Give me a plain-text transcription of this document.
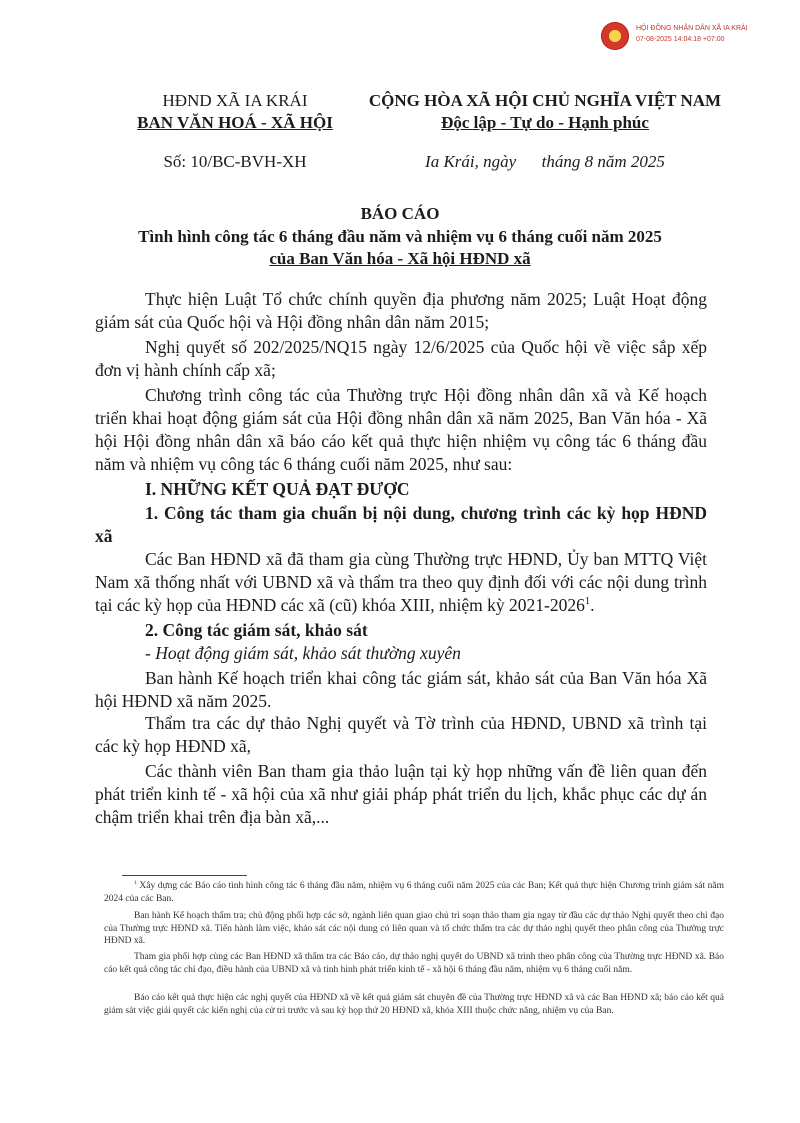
HỘI ĐỒNG NHÂN DÂN XÃ IA KRÁI
07-08-2025 14:04:18 +07:00
HĐND XÃ IA KRÁI
BAN VĂN HOÁ - XÃ HỘI
Số: 10/BC-BVH-XH
CỘNG HÒA XÃ HỘI CHỦ NGHĨA VIỆT NAM
Độc lập - Tự do - Hạnh phúc
Ia Krái, ngày      tháng 8 năm 2025
BÁO CÁO
Tình hình công tác 6 tháng đầu năm và nhiệm vụ 6 tháng cuối năm 2025
của Ban Văn hóa - Xã hội HĐND xã
Thực hiện Luật Tổ chức chính quyền địa phương năm 2025; Luật Hoạt động giám sát của Quốc hội và Hội đồng nhân dân năm 2015;
Nghị quyết số 202/2025/NQ15 ngày 12/6/2025 của Quốc hội về việc sắp xếp đơn vị hành chính cấp xã;
Chương trình công tác của Thường trực Hội đồng nhân dân xã và Kế hoạch triển khai hoạt động giám sát của Hội đồng nhân dân xã năm 2025, Ban Văn hóa - Xã hội Hội đồng nhân dân xã báo cáo kết quả thực hiện nhiệm vụ công tác 6 tháng đầu năm và nhiệm vụ công tác 6 tháng cuối năm 2025, như sau:
I. NHỮNG KẾT QUẢ ĐẠT ĐƯỢC
1. Công tác tham gia chuẩn bị nội dung, chương trình các kỳ họp HĐND xã
Các Ban HĐND xã đã tham gia cùng Thường trực HĐND, Ủy ban MTTQ Việt Nam xã thống nhất với UBND xã và thẩm tra theo quy định đối với các nội dung trình tại các kỳ họp của HĐND các xã (cũ) khóa XIII, nhiệm kỳ 2021-2026$^1$.
2. Công tác giám sát, khảo sát
- Hoạt động giám sát, khảo sát thường xuyên
Ban hành Kế hoạch triển khai công tác giám sát, khảo sát của Ban Văn hóa Xã hội HĐND xã năm 2025.
Thẩm tra các dự thảo Nghị quyết và Tờ trình của HĐND, UBND xã trình tại các kỳ họp HĐND xã,
Các thành viên Ban tham gia thảo luận tại kỳ họp những vấn đề liên quan đến phát triển kinh tế - xã hội của xã như giải pháp phát triển du lịch, khắc phục các dự án chậm triển khai trên địa bàn xã,...
$^1$ Xây dựng các Báo cáo tình hình công tác 6 tháng đầu năm, nhiệm vụ 6 tháng cuối năm 2025 của các Ban; Kết quả thực hiện Chương trình giám sát năm 2024 của các Ban.
Ban hành Kế hoạch thẩm tra; chủ động phối hợp các sở, ngành liên quan giao chủ trì soạn thảo tham gia ngay từ đầu các dự thảo Nghị quyết theo chỉ đạo của Thường trực HĐND xã. Tiến hành làm việc, khảo sát các nội dung có liên quan và tổ chức thẩm tra các dự thảo nghị quyết theo phân công của Thường trực HĐND xã.
Tham gia phối hợp cùng các Ban HĐND xã thẩm tra các Báo cáo, dự thảo nghị quyết do UBND xã trình theo phân công của Thường trực HĐND xã. Báo cáo kết quả công tác chỉ đạo, điều hành của UBND xã và tình hình phát triển kinh tế - xã hội 6 tháng đầu năm, nhiệm vụ 6 tháng cuối năm.
Báo cáo kết quả thực hiện các nghị quyết của HĐND xã về kết quả giám sát chuyên đề của Thường trực HĐND xã và các Ban HĐND xã; báo cáo kết quả giám sát việc giải quyết các kiến nghị của cử tri trước và sau kỳ họp thứ 20 HĐND xã, khóa XIII thuộc chức năng, nhiệm vụ của Ban.
